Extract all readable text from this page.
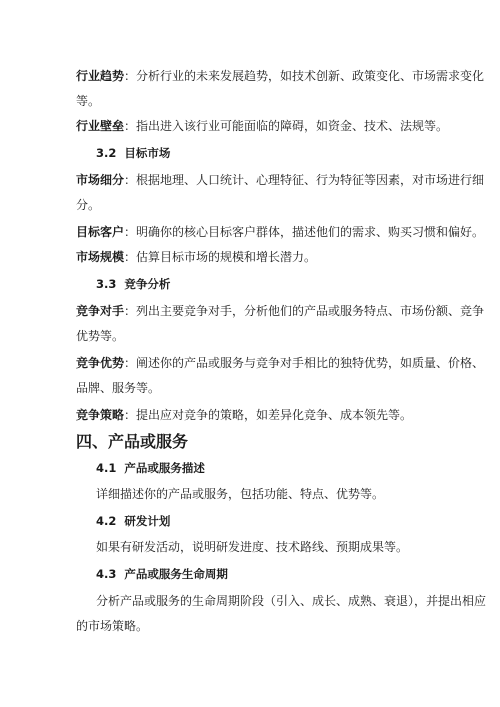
行业趋势：分析行业的未来发展趋势，如技术创新、政策变化、市场需求变化
等。
行业壁垒：指出进入该行业可能面临的障碍，如资金、技术、法规等。
3.2 目标市场
市场细分：根据地理、人口统计、心理特征、行为特征等因素，对市场进行细
分。
目标客户：明确你的核心目标客户群体，描述他们的需求、购买习惯和偏好。
市场规模：估算目标市场的规模和增长潜力。
3.3 竞争分析
竞争对手：列出主要竞争对手，分析他们的产品或服务特点、市场份额、竞争
优势等。
竞争优势：阐述你的产品或服务与竞争对手相比的独特优势，如质量、价格、
品牌、服务等。
竞争策略：提出应对竞争的策略，如差异化竞争、成本领先等。
四、产品或服务
4.1 产品或服务描述
详细描述你的产品或服务，包括功能、特点、优势等。
4.2 研发计划
如果有研发活动，说明研发进度、技术路线、预期成果等。
4.3 产品或服务生命周期
分析产品或服务的生命周期阶段（引入、成长、成熟、衰退），并提出相应
的市场策略。
